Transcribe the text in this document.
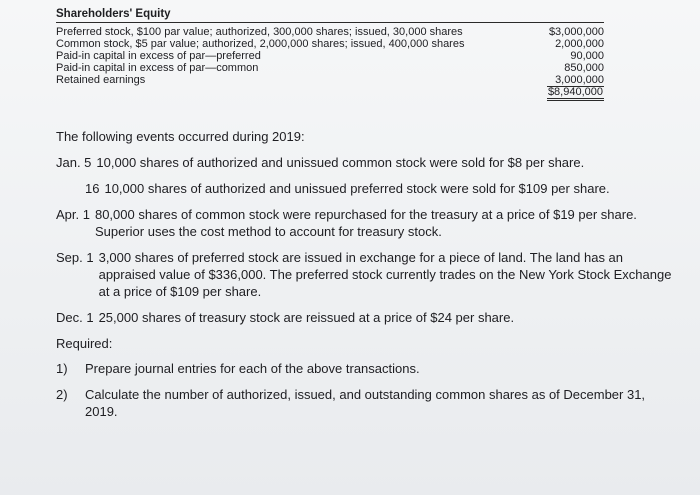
Shareholders' Equity
Preferred stock, $100 par value; authorized, 300,000 shares; issued, 30,000 shares	$3,000,000
Common stock, $5 par value; authorized, 2,000,000 shares; issued, 400,000 shares	2,000,000
Paid-in capital in excess of par—preferred	90,000
Paid-in capital in excess of par—common	850,000
Retained earnings	3,000,000
$8,940,000

The following events occurred during 2019:

Jan. 5 10,000 shares of authorized and unissued common stock were sold for $8 per share.
16 10,000 shares of authorized and unissued preferred stock were sold for $109 per share.
Apr. 1 80,000 shares of common stock were repurchased for the treasury at a price of $19 per share. Superior uses the cost method to account for treasury stock.
Sep. 1 3,000 shares of preferred stock are issued in exchange for a piece of land. The land has an appraised value of $336,000. The preferred stock currently trades on the New York Stock Exchange at a price of $109 per share.
Dec. 1 25,000 shares of treasury stock are reissued at a price of $24 per share.
Required:
1)	Prepare journal entries for each of the above transactions.
2)	Calculate the number of authorized, issued, and outstanding common shares as of December 31, 2019.
